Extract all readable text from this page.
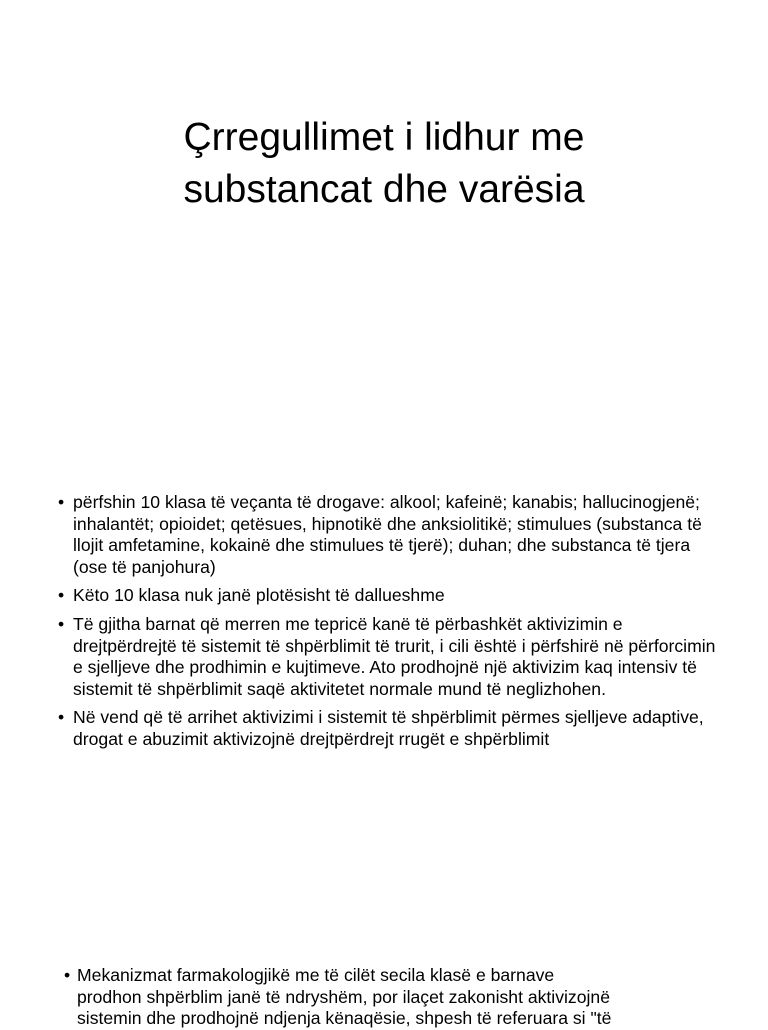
Çrregullimet i lidhur me
substancat dhe varësia
• përfshin 10 klasa të veçanta të drogave: alkool; kafeinë; kanabis; hallucinogjenë; inhalantët; opioidet; qetësues, hipnotikë dhe anksiolitikë; stimulues (substanca të llojit amfetamine, kokainë dhe stimulues të tjerë); duhan; dhe substanca të tjera (ose të panjohura)
• Këto 10 klasa nuk janë plotësisht të dallueshme
• Të gjitha barnat që merren me tepricë kanë të përbashkët aktivizimin e drejtpërdrejtë të sistemit të shpërblimit të trurit, i cili është i përfshirë në përforcimin e sjelljeve dhe prodhimin e kujtimeve. Ato prodhojnë një aktivizim kaq intensiv të sistemit të shpërblimit saqë aktivitetet normale mund të neglizhohen.
• Në vend që të arrihet aktivizimi i sistemit të shpërblimit përmes sjelljeve adaptive, drogat e abuzimit aktivizojnë drejtpërdrejt rrugët e shpërblimit
• Mekanizmat farmakologjikë me të cilët secila klasë e barnave
prodhon shpërblim janë të ndryshëm, por ilaçet zakonisht aktivizojnë
sistemin dhe prodhojnë ndjenja kënaqësie, shpesh të referuara si "të
